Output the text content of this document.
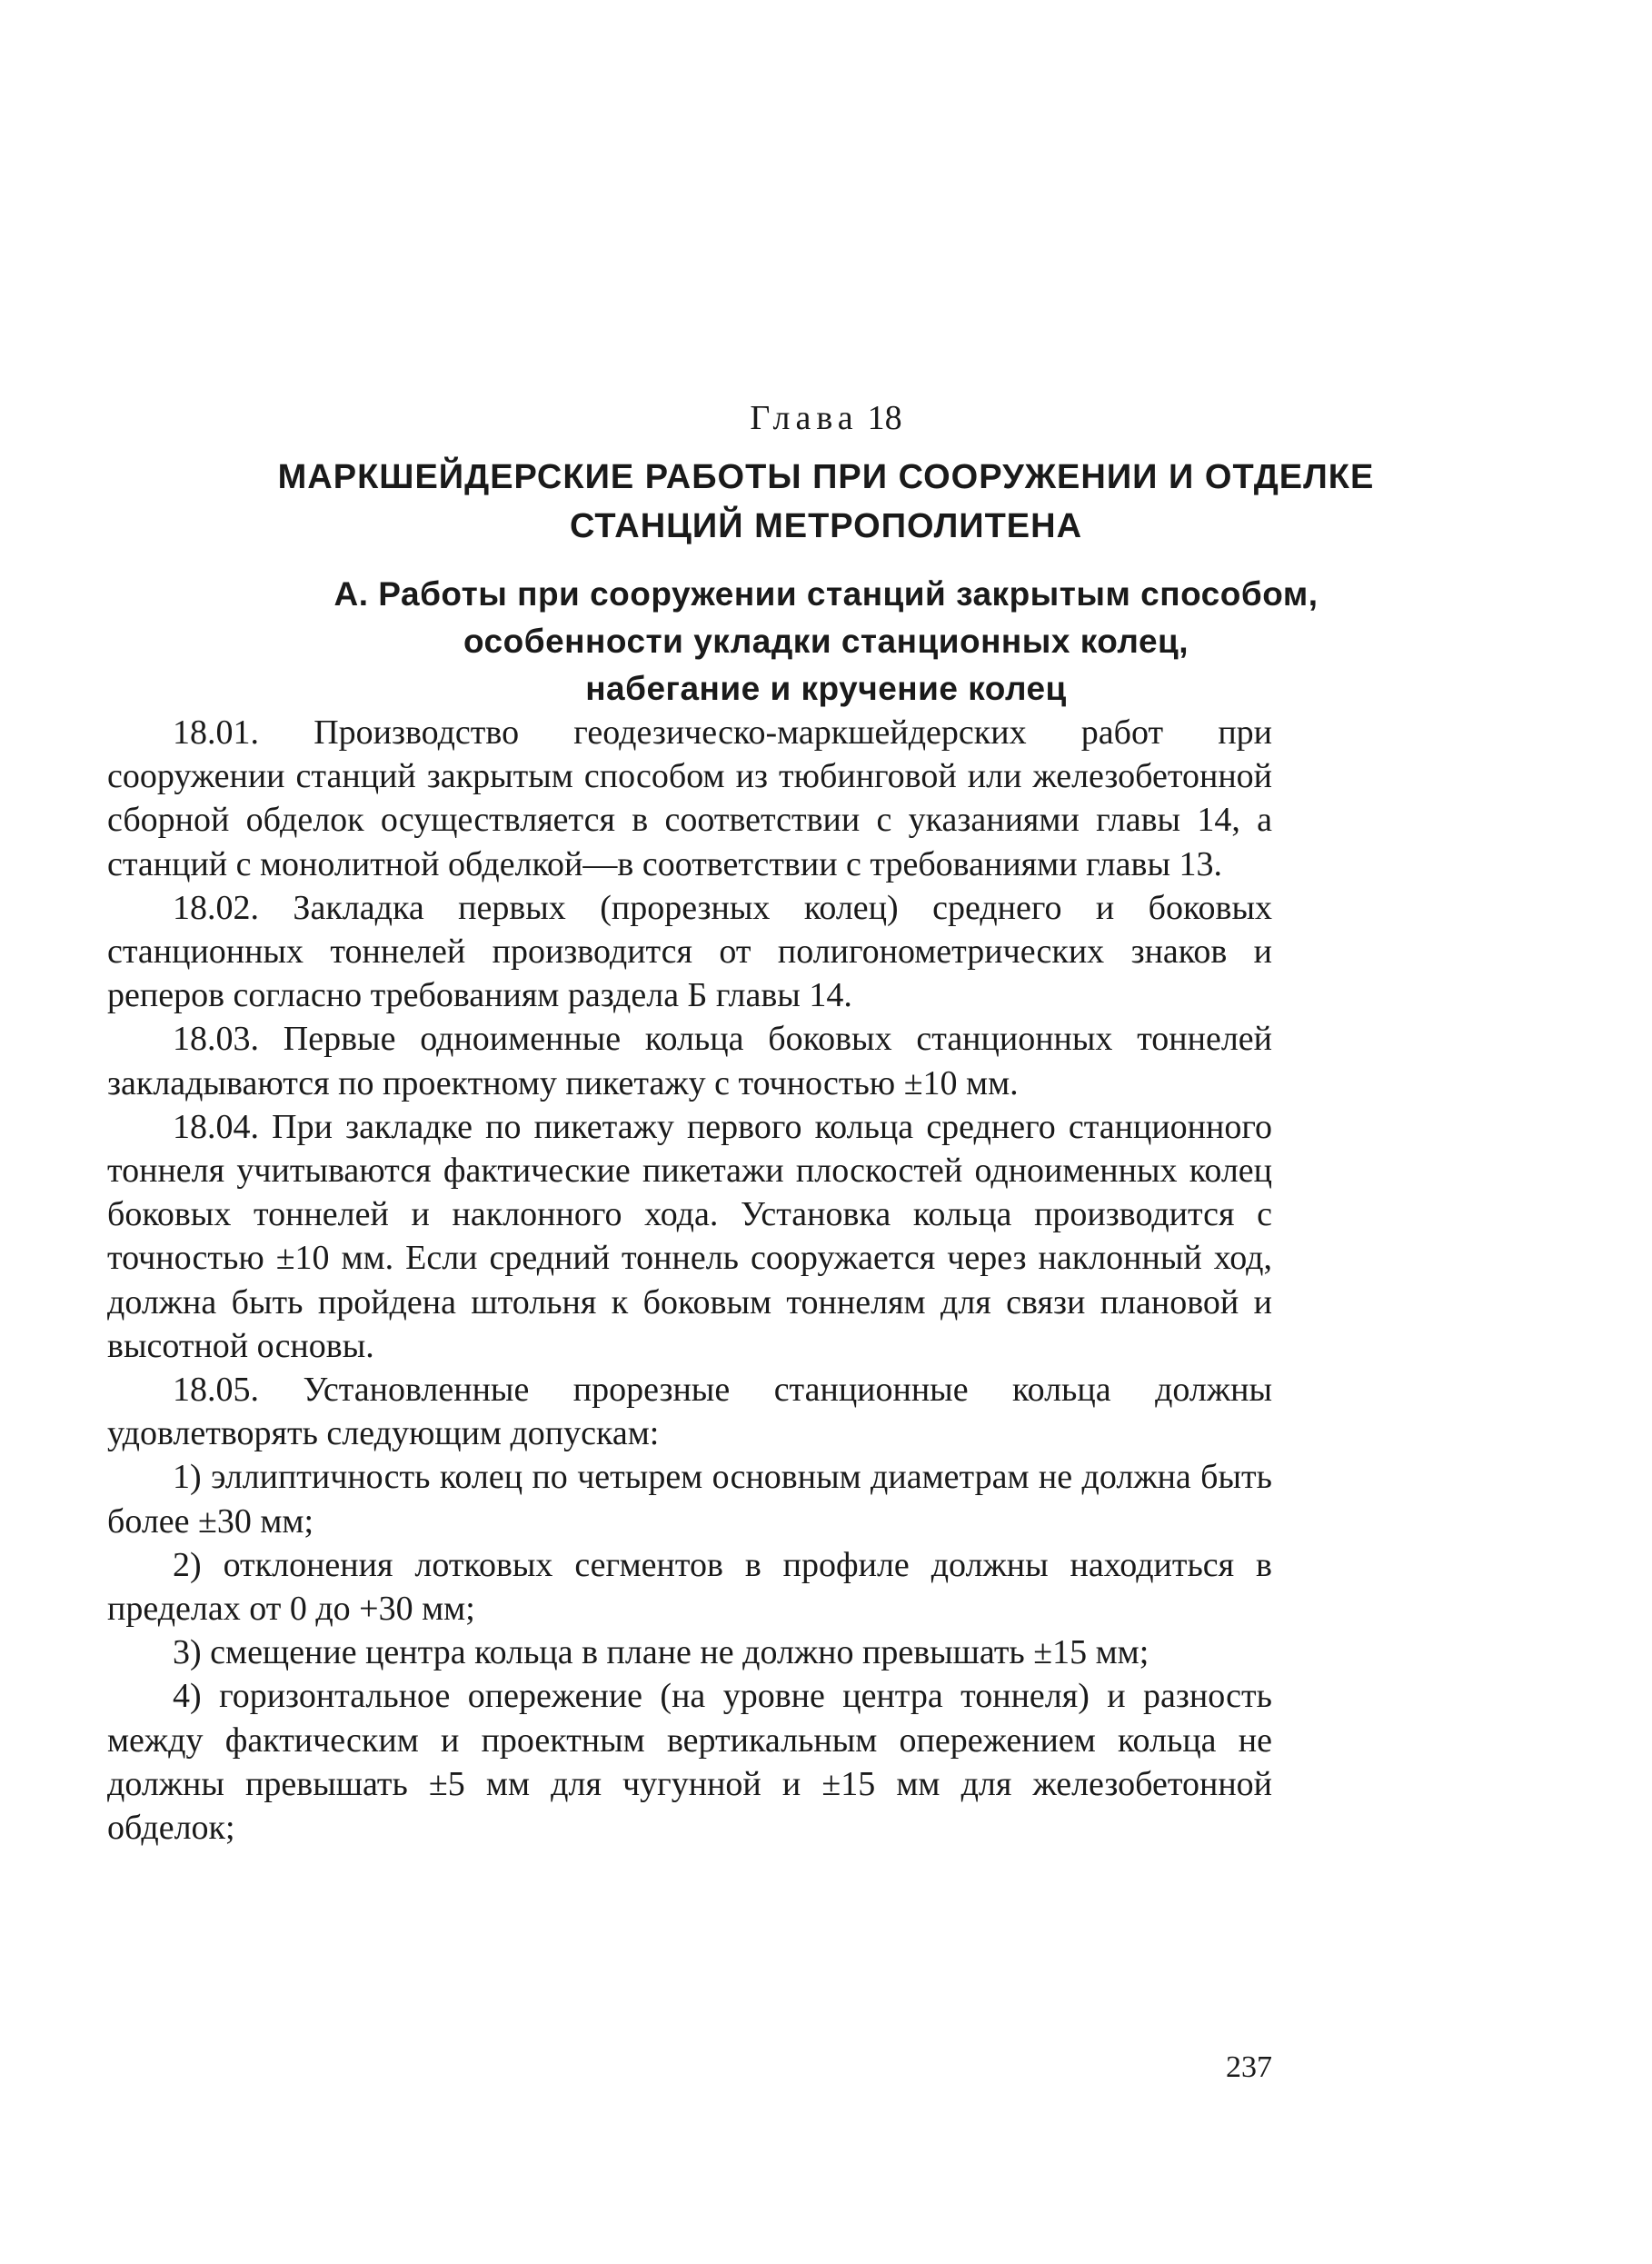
Глава 18
МАРКШЕЙДЕРСКИЕ РАБОТЫ ПРИ СООРУЖЕНИИ И ОТДЕЛКЕ
СТАНЦИЙ МЕТРОПОЛИТЕНА
А. Работы при сооружении станций закрытым способом,
особенности укладки станционных колец,
набегание и кручение колец

18.01. Производство геодезическо-маркшейдерских работ при сооружении станций закрытым способом из тюбинговой или железобетонной сборной обделок осуществляется в соответствии с указаниями главы 14, а станций с монолитной обделкой—в соответствии с требованиями главы 13.

18.02. Закладка первых (прорезных колец) среднего и боковых станционных тоннелей производится от полигонометрических знаков и реперов согласно требованиям раздела Б главы 14.

18.03. Первые одноименные кольца боковых станционных тоннелей закладываются по проектному пикетажу с точностью ±10 мм.

18.04. При закладке по пикетажу первого кольца среднего станционного тоннеля учитываются фактические пикетажи плоскостей одноименных колец боковых тоннелей и наклонного хода. Установка кольца производится с точностью ±10 мм. Если средний тоннель сооружается через наклонный ход, должна быть пройдена штольня к боковым тоннелям для связи плановой и высотной основы.

18.05. Установленные прорезные станционные кольца должны удовлетворять следующим допускам:

1) эллиптичность колец по четырем основным диаметрам не должна быть более ±30 мм;

2) отклонения лотковых сегментов в профиле должны находиться в пределах от 0 до +30 мм;

3) смещение центра кольца в плане не должно превышать ±15 мм;

4) горизонтальное опережение (на уровне центра тоннеля) и разность между фактическим и проектным вертикальным опережением кольца не должны превышать ±5 мм для чугунной и ±15 мм для железобетонной обделок;

237
